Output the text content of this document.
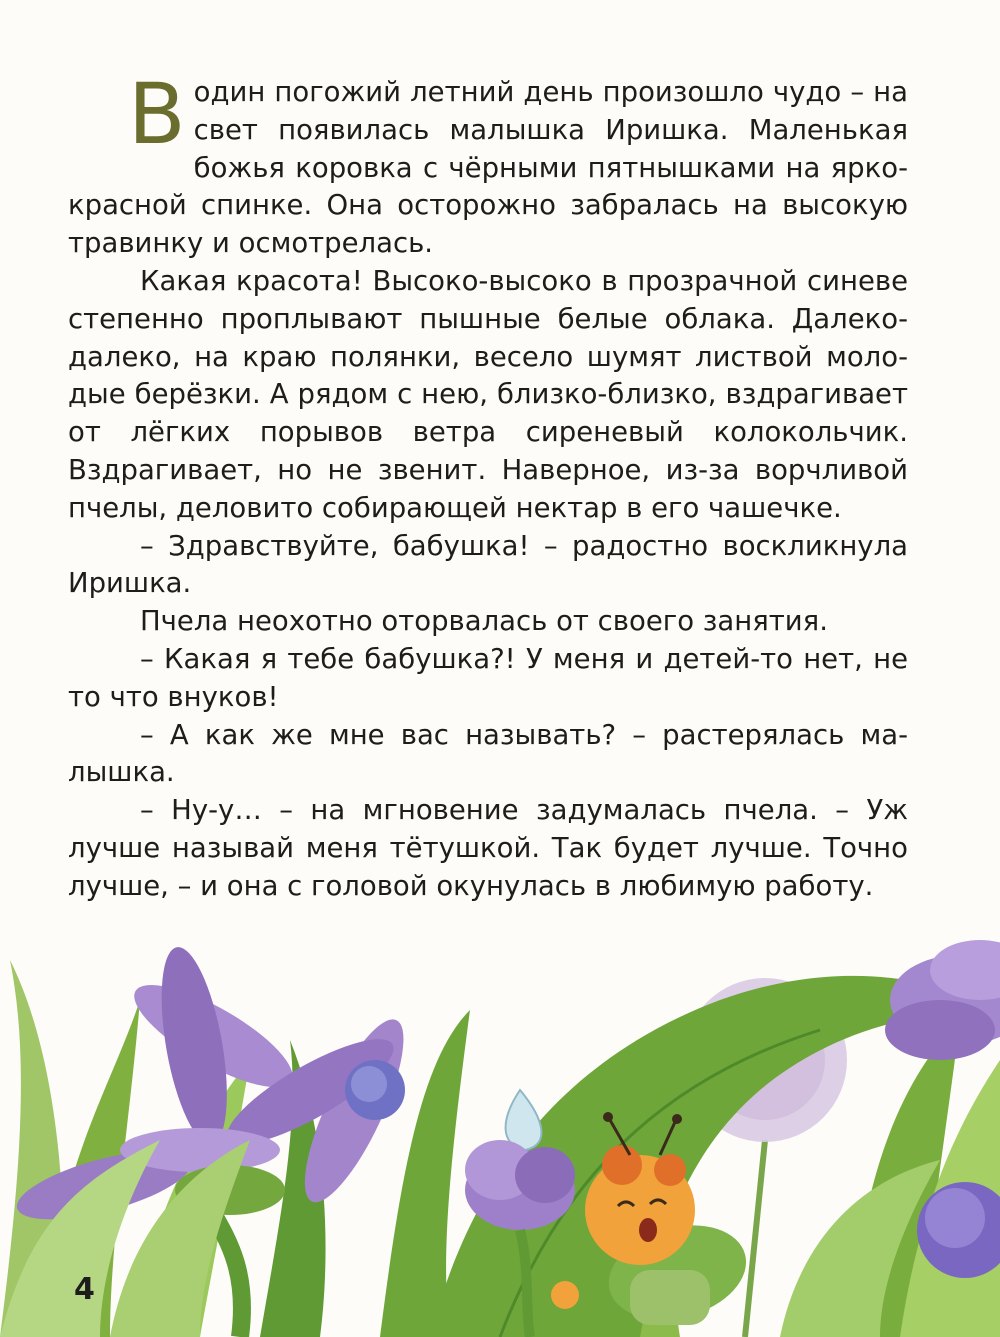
Водин погожий летний день произошло чудо – на свет появилась малышка Иришка. Маленькая божья коровка с чёрными пятнышками на ярко-красной спинке. Она осторожно забралась на высокую травинку и осмотрелась.

Какая красота! Высоко-высоко в прозрачной синеве степенно проплывают пышные белые облака. Далеко-далеко, на краю полянки, весело шумят листвой молодые берёзки. А рядом с нею, близко-близко, вздрагивает от лёгких порывов ветра сиреневый колокольчик. Вздрагивает, но не звенит. Наверное, из-за ворчливой пчелы, деловито собирающей нектар в его чашечке.

– Здравствуйте, бабушка! – радостно воскликнула Иришка.

Пчела неохотно оторвалась от своего занятия.

– Какая я тебе бабушка?! У меня и детей-то нет, не то что внуков!

– А как же мне вас называть? – растерялась малышка.

– Ну-у… – на мгновение задумалась пчела. – Уж лучше называй меня тётушкой. Так будет лучше. Точно лучше, – и она с головой окунулась в любимую работу.

4
